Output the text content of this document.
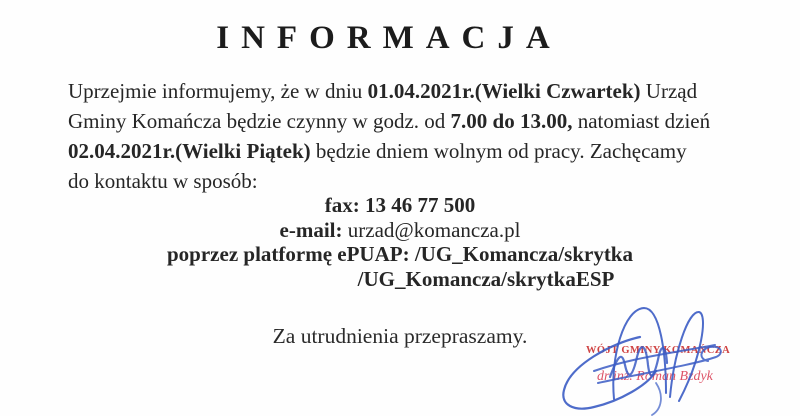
INFORMACJA
Uprzejmie informujemy, że w dniu 01.04.2021r.(Wielki Czwartek) Urząd
Gminy Komańcza będzie czynny w godz. od 7.00 do 13.00, natomiast dzień
02.04.2021r.(Wielki Piątek) będzie dniem wolnym od pracy. Zachęcamy
do kontaktu w sposób:
fax: 13 46 77 500
e-mail: urzad@komancza.pl
poprzez platformę ePUAP: /UG_Komancza/skrytka
/UG_Komancza/skrytkaESP
Za utrudnienia przepraszamy.
WÓJT GMINY KOMAŃCZA
dr inż. Roman Bzdyk
